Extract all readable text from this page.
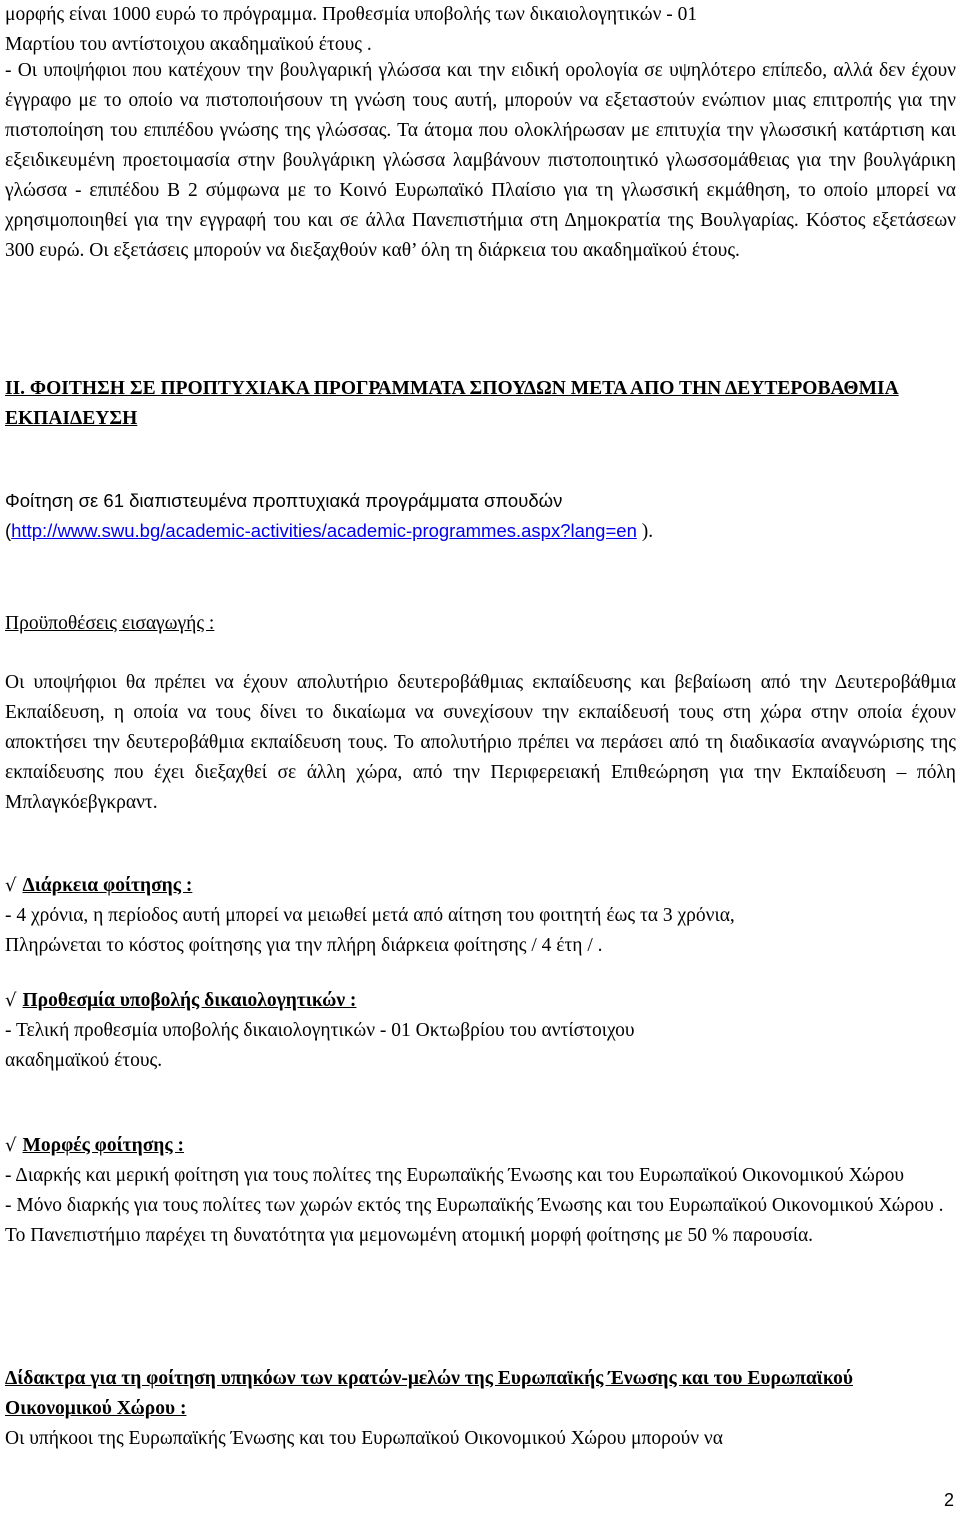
μορφής είναι 1000 ευρώ το πρόγραμμα. Προθεσμία υποβολής των δικαιολογητικών - 01
Μαρτίου του αντίστοιχου ακαδημαϊκού έτους .

- Οι υποψήφιοι που κατέχουν την βουλγαρική γλώσσα και την ειδική ορολογία σε υψηλότερο επίπεδο, αλλά δεν έχουν έγγραφο με το οποίο να πιστοποιήσουν τη γνώση τους αυτή, μπορούν να εξεταστούν ενώπιον μιας επιτροπής για την πιστοποίηση του επιπέδου γνώσης της γλώσσας. Τα άτομα που ολοκλήρωσαν με επιτυχία την γλωσσική κατάρτιση και εξειδικευμένη προετοιμασία στην βουλγάρικη γλώσσα λαμβάνουν πιστοποιητικό γλωσσομάθειας για την βουλγάρικη γλώσσα - επιπέδου B 2 σύμφωνα με το Κοινό Ευρωπαϊκό Πλαίσιο για τη γλωσσική εκμάθηση, το οποίο μπορεί να χρησιμοποιηθεί για την εγγραφή του και σε άλλα Πανεπιστήμια στη Δημοκρατία της Βουλγαρίας. Κόστος εξετάσεων 300 ευρώ. Οι εξετάσεις μπορούν να διεξαχθούν καθ’ όλη τη διάρκεια του ακαδημαϊκού έτους.

II. ΦΟΙΤΗΣΗ ΣΕ ΠΡΟΠΤΥΧΙΑΚΑ ΠΡΟΓΡΑΜΜΑΤΑ ΣΠΟΥΔΩΝ ΜΕΤΑ ΑΠΟ ΤΗΝ ΔΕΥΤΕΡΟΒΑΘΜΙΑ ΕΚΠΑΙΔΕΥΣΗ

Φοίτηση σε 61 διαπιστευμένα προπτυχιακά προγράμματα σπουδών
(http://www.swu.bg/academic-activities/academic-programmes.aspx?lang=en ).

Προϋποθέσεις εισαγωγής :

Οι υποψήφιοι θα πρέπει να έχουν απολυτήριο δευτεροβάθμιας εκπαίδευσης και βεβαίωση από την Δευτεροβάθμια Εκπαίδευση, η οποία να τους δίνει το δικαίωμα να συνεχίσουν την εκπαίδευσή τους στη χώρα στην οποία έχουν αποκτήσει την δευτεροβάθμια εκπαίδευση τους. Το απολυτήριο πρέπει να περάσει από τη διαδικασία αναγνώρισης της εκπαίδευσης που έχει διεξαχθεί σε άλλη χώρα, από την Περιφερειακή Επιθεώρηση για την Εκπαίδευση – πόλη Μπλαγκόεβγκραντ.

√ Διάρκεια φοίτησης :
- 4 χρόνια, η περίοδος αυτή μπορεί να μειωθεί μετά από αίτηση του φοιτητή έως τα 3 χρόνια,
Πληρώνεται το κόστος φοίτησης για την πλήρη διάρκεια φοίτησης / 4 έτη / .

√ Προθεσμία υποβολής δικαιολογητικών :
- Τελική προθεσμία υποβολής δικαιολογητικών - 01 Οκτωβρίου του αντίστοιχου
ακαδημαϊκού έτους.

√ Μορφές φοίτησης :
- Διαρκής και μερική φοίτηση για τους πολίτες της Ευρωπαϊκής Ένωσης και του Ευρωπαϊκού Οικονομικού Χώρου
- Μόνο διαρκής για τους πολίτες των χωρών εκτός της Ευρωπαϊκής Ένωσης και του Ευρωπαϊκού Οικονομικού Χώρου .
Το Πανεπιστήμιο παρέχει τη δυνατότητα για μεμονωμένη ατομική μορφή φοίτησης με 50 % παρουσία.

Δίδακτρα για τη φοίτηση υπηκόων των κρατών-μελών της Ευρωπαϊκής Ένωσης και του Ευρωπαϊκού Οικονομικού Χώρου :
Οι υπήκοοι της Ευρωπαϊκής Ένωσης και του Ευρωπαϊκού Οικονομικού Χώρου μπορούν να

2
